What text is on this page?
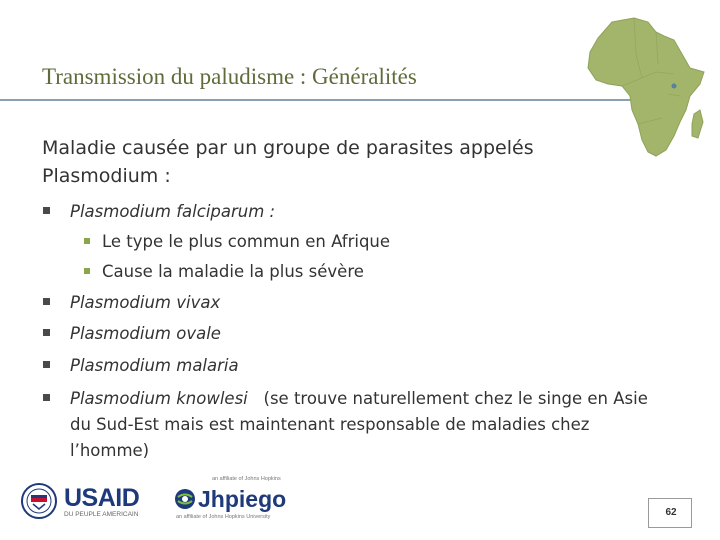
Transmission du paludisme : Généralités
Maladie causée par un groupe de parasites appelés Plasmodium :
Plasmodium falciparum :
Le type le plus commun en Afrique
Cause la maladie la plus sévère
Plasmodium vivax
Plasmodium ovale
Plasmodium malaria
Plasmodium knowlesi (se trouve naturellement chez le singe en Asie du Sud-Est mais est maintenant responsable de maladies chez l’homme)
USAID
DU PEUPLE AMERICAIN
an affiliate of Johns Hopkins
Jhpiego
an affiliate of Johns Hopkins University	62
